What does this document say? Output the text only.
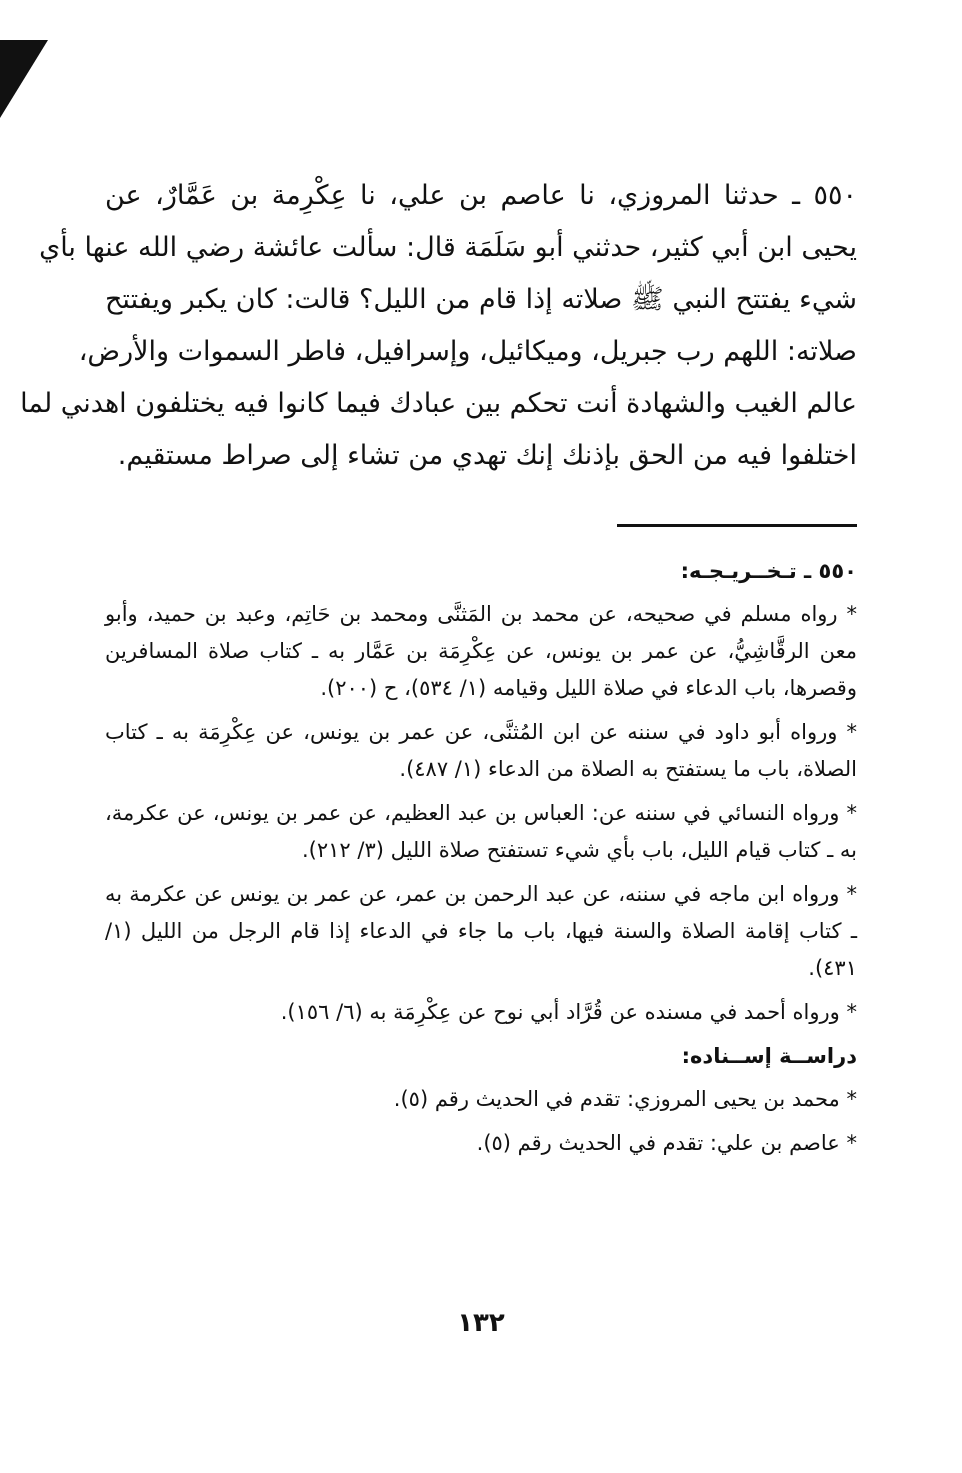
٥٥٠ ـ حدثنا المروزي، نا عاصم بن علي، نا عِكْرِمة بن عَمَّارٌ، عن
يحيى ابن أبي كثير، حدثني أبو سَلَمَة قال: سألت عائشة رضي الله عنها بأي
شيء يفتتح النبي ﷺ صلاته إذا قام من الليل؟ قالت: كان يكبر ويفتتح
صلاته: اللهم رب جبريل، وميكائيل، وإسرافيل، فاطر السموات والأرض،
عالم الغيب والشهادة أنت تحكم بين عبادك فيما كانوا فيه يختلفون اهدني لما
اختلفوا فيه من الحق بإذنك إنك تهدي من تشاء إلى صراط مستقيم.

٥٥٠ ـ تـخــريـجـه:

* رواه مسلم في صحيحه، عن محمد بن المَثنَّى ومحمد بن حَاتِم، وعبد بن حميد، وأبو معن الرقَّاشِيُّ، عن عمر بن يونس، عن عِكْرِمَة بن عَمَّار به ـ كتاب صلاة المسافرين وقصرها، باب الدعاء في صلاة الليل وقيامه (١/ ٥٣٤)، ح (٢٠٠).

* ورواه أبو داود في سننه عن ابن المُثنَّى، عن عمر بن يونس، عن عِكْرِمَة به ـ كتاب الصلاة، باب ما يستفتح به الصلاة من الدعاء (١/ ٤٨٧).

* ورواه النسائي في سننه عن: العباس بن عبد العظيم، عن عمر بن يونس، عن عكرمة، به ـ كتاب قيام الليل، باب بأي شيء تستفتح صلاة الليل (٣/ ٢١٢).

* ورواه ابن ماجه في سننه، عن عبد الرحمن بن عمر، عن عمر بن يونس عن عكرمة به ـ كتاب إقامة الصلاة والسنة فيها، باب ما جاء في الدعاء إذا قام الرجل من الليل (١/ ٤٣١).

* ورواه أحمد في مسنده عن قُرَّاد أبي نوح عن عِكْرِمَة به (٦/ ١٥٦).

دراســة إســناده:

* محمد بن يحيى المروزي: تقدم في الحديث رقم (٥).

* عاصم بن علي: تقدم في الحديث رقم (٥).

١٣٢
